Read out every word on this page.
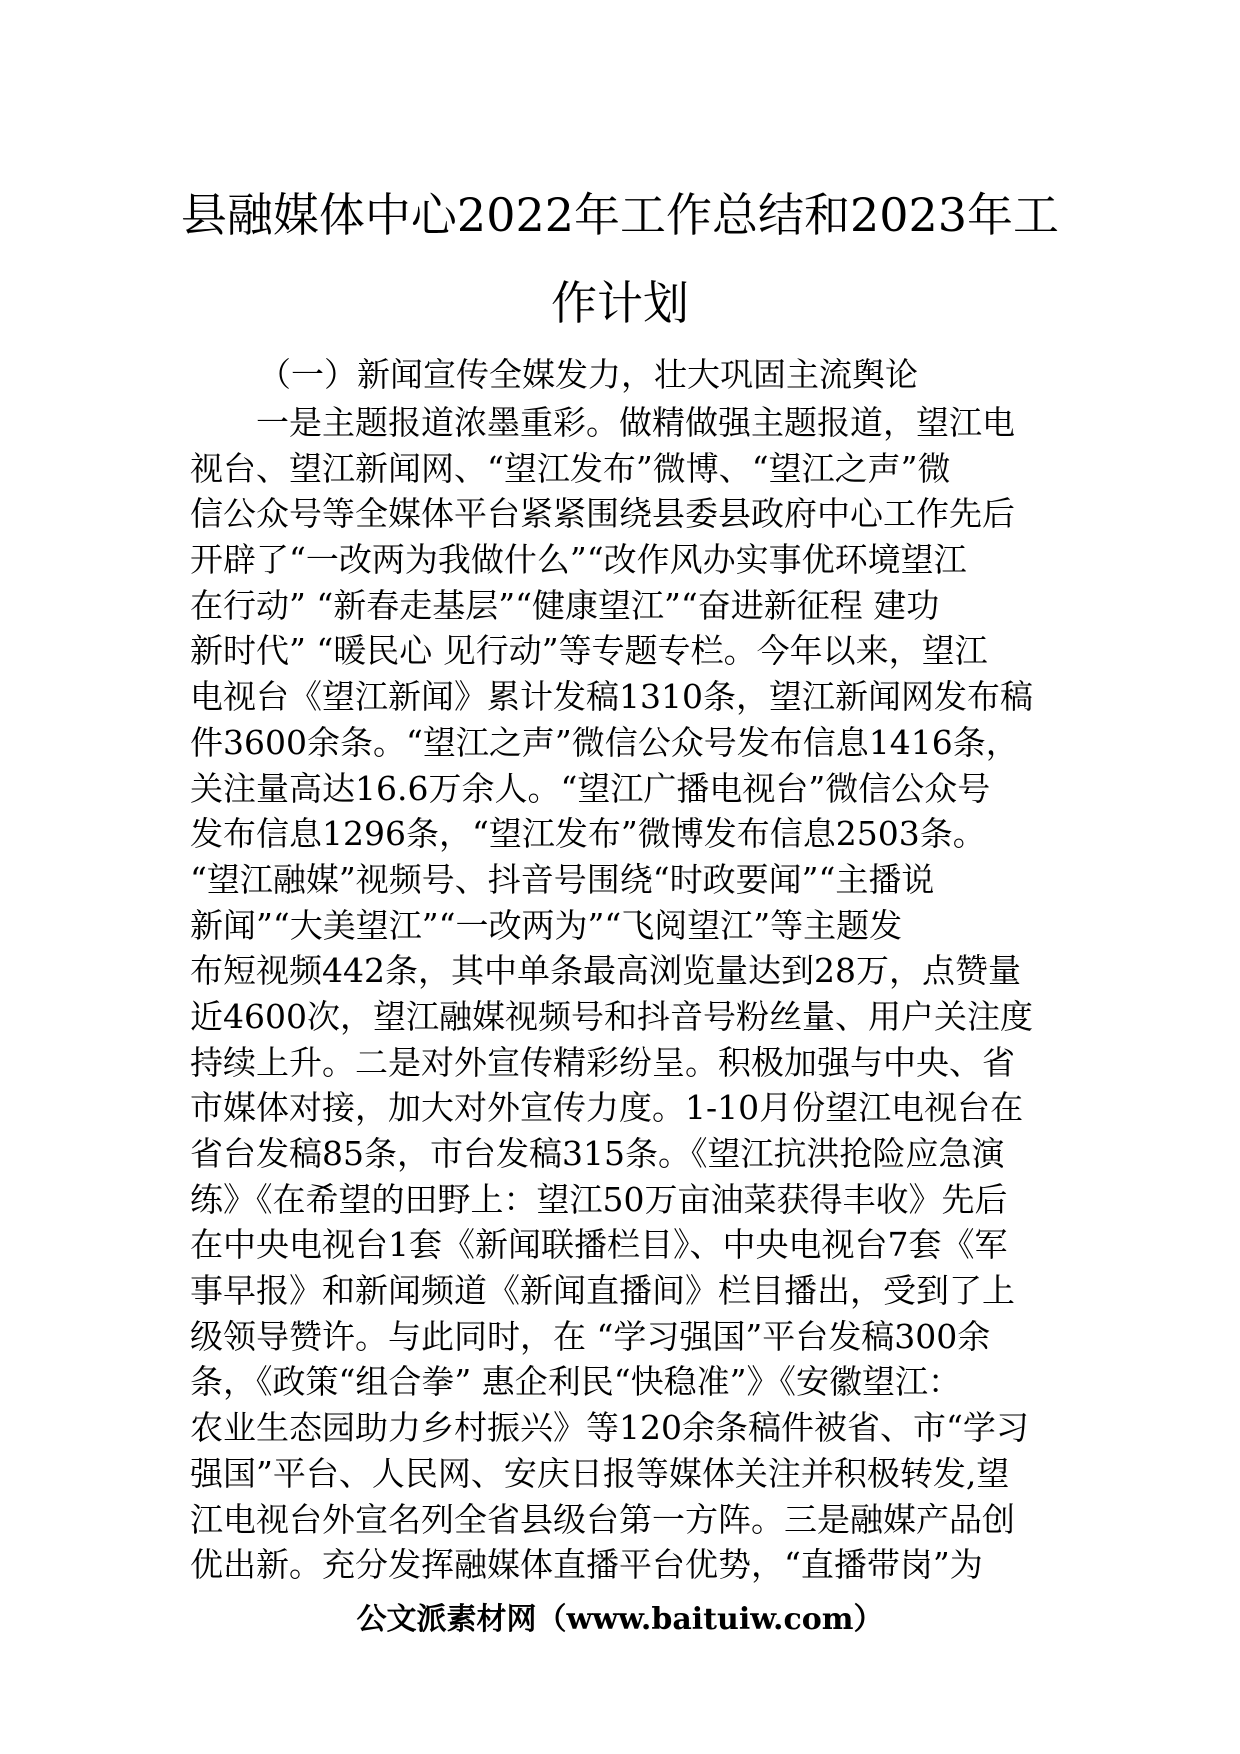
县融媒体中心2022年工作总结和2023年工
作计划
（一）新闻宣传全媒发力，壮大巩固主流舆论
　　一是主题报道浓墨重彩。做精做强主题报道，望江电
视台、望江新闻网、“望江发布”微博、“望江之声”微
信公众号等全媒体平台紧紧围绕县委县政府中心工作先后
开辟了“一改两为我做什么”“改作风办实事优环境望江
在行动” “新春走基层”“健康望江”“奋进新征程 建功
新时代” “暖民心 见行动”等专题专栏。今年以来，望江
电视台《望江新闻》累计发稿1310条，望江新闻网发布稿
件3600余条。“望江之声”微信公众号发布信息1416条，
关注量高达16.6万余人。“望江广播电视台”微信公众号
发布信息1296条，“望江发布”微博发布信息2503条。
“望江融媒”视频号、抖音号围绕“时政要闻”“主播说
新闻”“大美望江”“一改两为”“飞阅望江”等主题发
布短视频442条，其中单条最高浏览量达到28万，点赞量
近4600次，望江融媒视频号和抖音号粉丝量、用户关注度
持续上升。二是对外宣传精彩纷呈。积极加强与中央、省
市媒体对接，加大对外宣传力度。1-10月份望江电视台在
省台发稿85条，市台发稿315条。《望江抗洪抢险应急演
练》《在希望的田野上：望江50万亩油菜获得丰收》先后
在中央电视台1套《新闻联播栏目》、中央电视台7套《军
事早报》和新闻频道《新闻直播间》栏目播出，受到了上
级领导赞许。与此同时，在 “学习强国”平台发稿300余
条，《政策“组合拳” 惠企利民“快稳准”》《安徽望江：
农业生态园助力乡村振兴》等120余条稿件被省、市“学习
强国”平台、人民网、安庆日报等媒体关注并积极转发,望
江电视台外宣名列全省县级台第一方阵。三是融媒产品创
优出新。充分发挥融媒体直播平台优势，“直播带岗”为
公文派素材网（www.baituiw.com）
